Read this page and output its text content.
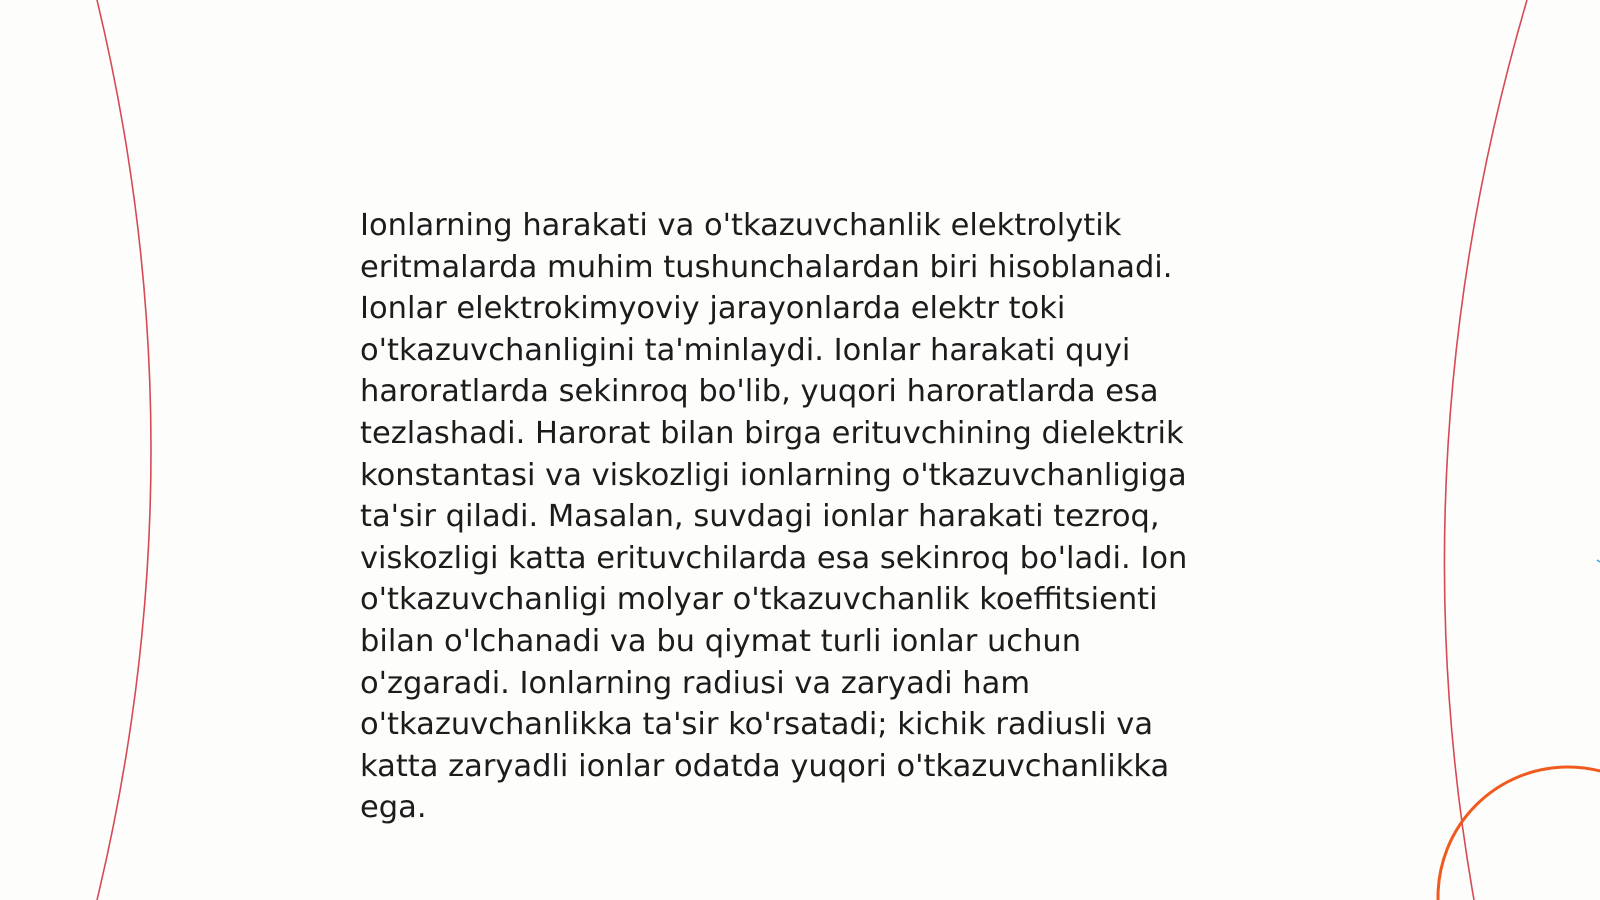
Ionlarning harakati va o'tkazuvchanlik elektrolytik
eritmalarda muhim tushunchalardan biri hisoblanadi.
Ionlar elektrokimyoviy jarayonlarda elektr toki
o'tkazuvchanligini ta'minlaydi. Ionlar harakati quyi
haroratlarda sekinroq bo'lib, yuqori haroratlarda esa
tezlashadi. Harorat bilan birga erituvchining dielektrik
konstantasi va viskozligi ionlarning o'tkazuvchanligiga
ta'sir qiladi. Masalan, suvdagi ionlar harakati tezroq,
viskozligi katta erituvchilarda esa sekinroq bo'ladi. Ion
o'tkazuvchanligi molyar o'tkazuvchanlik koeffitsienti
bilan o'lchanadi va bu qiymat turli ionlar uchun
o'zgaradi. Ionlarning radiusi va zaryadi ham
o'tkazuvchanlikka ta'sir ko'rsatadi; kichik radiusli va
katta zaryadli ionlar odatda yuqori o'tkazuvchanlikka
ega.
